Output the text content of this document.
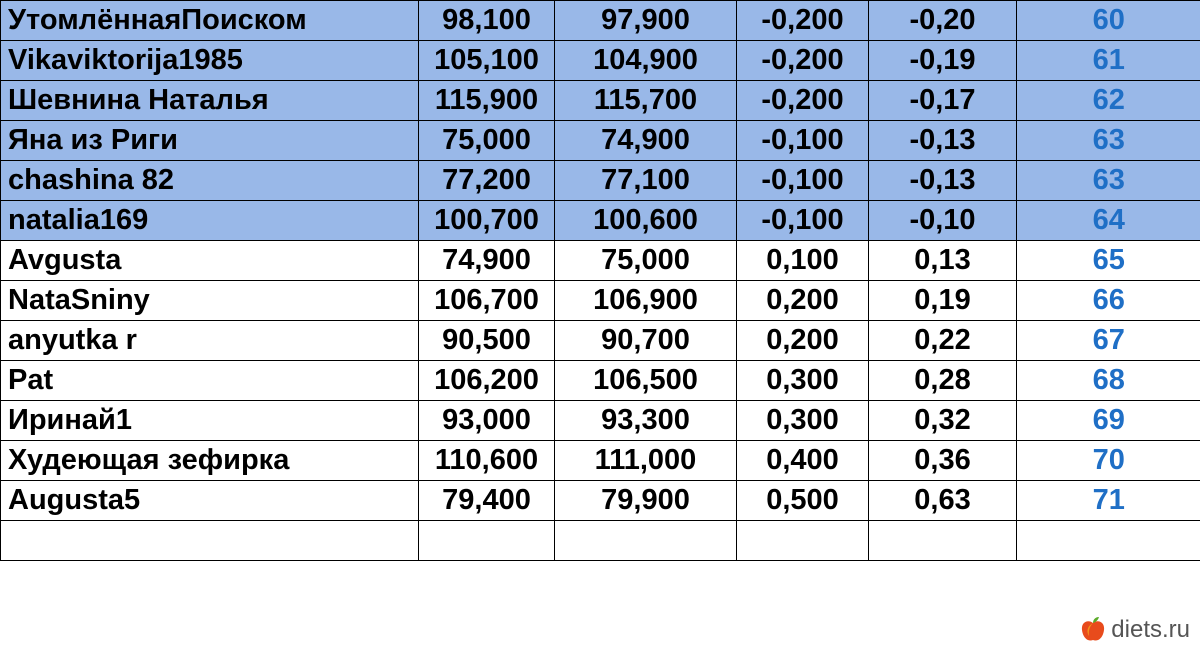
УтомлённаяПоиском	98,100	97,900	-0,200	-0,20	60
Vikaviktorija1985	105,100	104,900	-0,200	-0,19	61
Шевнина Наталья	115,900	115,700	-0,200	-0,17	62
Яна из Риги	75,000	74,900	-0,100	-0,13	63
chashina 82	77,200	77,100	-0,100	-0,13	63
natalia169	100,700	100,600	-0,100	-0,10	64
Avgusta	74,900	75,000	0,100	0,13	65
NataSniny	106,700	106,900	0,200	0,19	66
anyutka r	90,500	90,700	0,200	0,22	67
Pat	106,200	106,500	0,300	0,28	68
Иринай1	93,000	93,300	0,300	0,32	69
Худеющая зефирка	110,600	111,000	0,400	0,36	70
Augusta5	79,400	79,900	0,500	0,63	71

diets.ru
